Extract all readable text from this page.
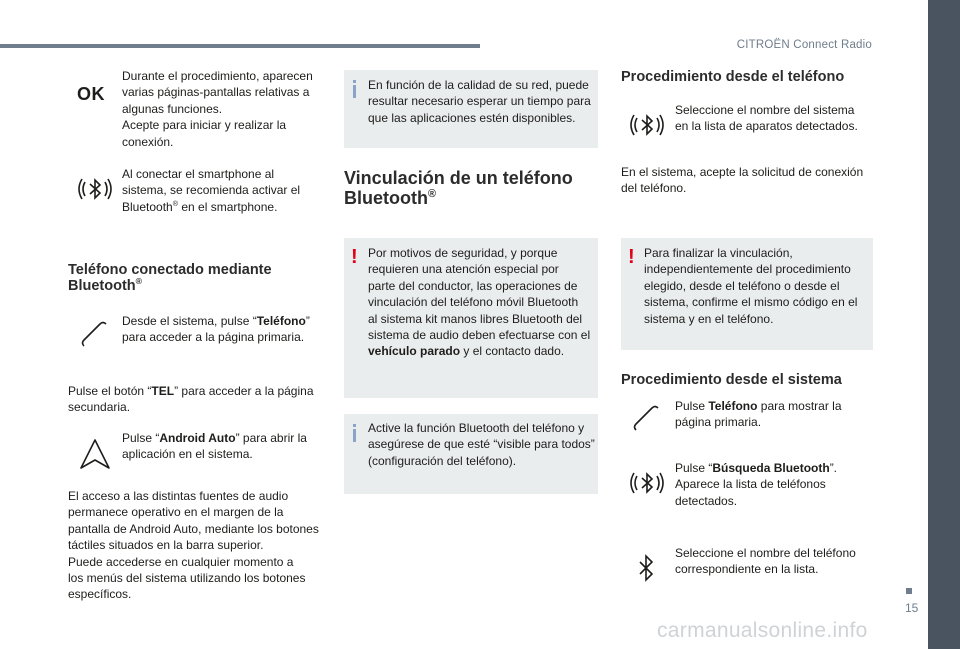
CITROËN Connect Radio
15
carmanualsonline.info
OK
Durante el procedimiento, aparecen
varias páginas-pantallas relativas a
algunas funciones.
Acepte para iniciar y realizar la
conexión.
Al conectar el smartphone al
sistema, se recomienda activar el
Bluetooth® en el smartphone.
Teléfono conectado mediante
Bluetooth®
Desde el sistema, pulse “Teléfono”
para acceder a la página primaria.
Pulse el botón “TEL” para acceder a la página
secundaria.
Pulse “Android Auto” para abrir la
aplicación en el sistema.
El acceso a las distintas fuentes de audio
permanece operativo en el margen de la
pantalla de Android Auto, mediante los botones
táctiles situados en la barra superior.
Puede accederse en cualquier momento a
los menús del sistema utilizando los botones
específicos.
En función de la calidad de su red, puede
resultar necesario esperar un tiempo para
que las aplicaciones estén disponibles.
Vinculación de un teléfono
Bluetooth®
! Por motivos de seguridad, y porque
requieren una atención especial por
parte del conductor, las operaciones de
vinculación del teléfono móvil Bluetooth
al sistema kit manos libres Bluetooth del
sistema de audio deben efectuarse con el
vehículo parado y el contacto dado.
Active la función Bluetooth del teléfono y
asegúrese de que esté “visible para todos”
(configuración del teléfono).
Procedimiento desde el teléfono
Seleccione el nombre del sistema
en la lista de aparatos detectados.
En el sistema, acepte la solicitud de conexión
del teléfono.
! Para finalizar la vinculación,
independientemente del procedimiento
elegido, desde el teléfono o desde el
sistema, confirme el mismo código en el
sistema y en el teléfono.
Procedimiento desde el sistema
Pulse Teléfono para mostrar la
página primaria.
Pulse “Búsqueda Bluetooth”.
Aparece la lista de teléfonos
detectados.
Seleccione el nombre del teléfono
correspondiente en la lista.
